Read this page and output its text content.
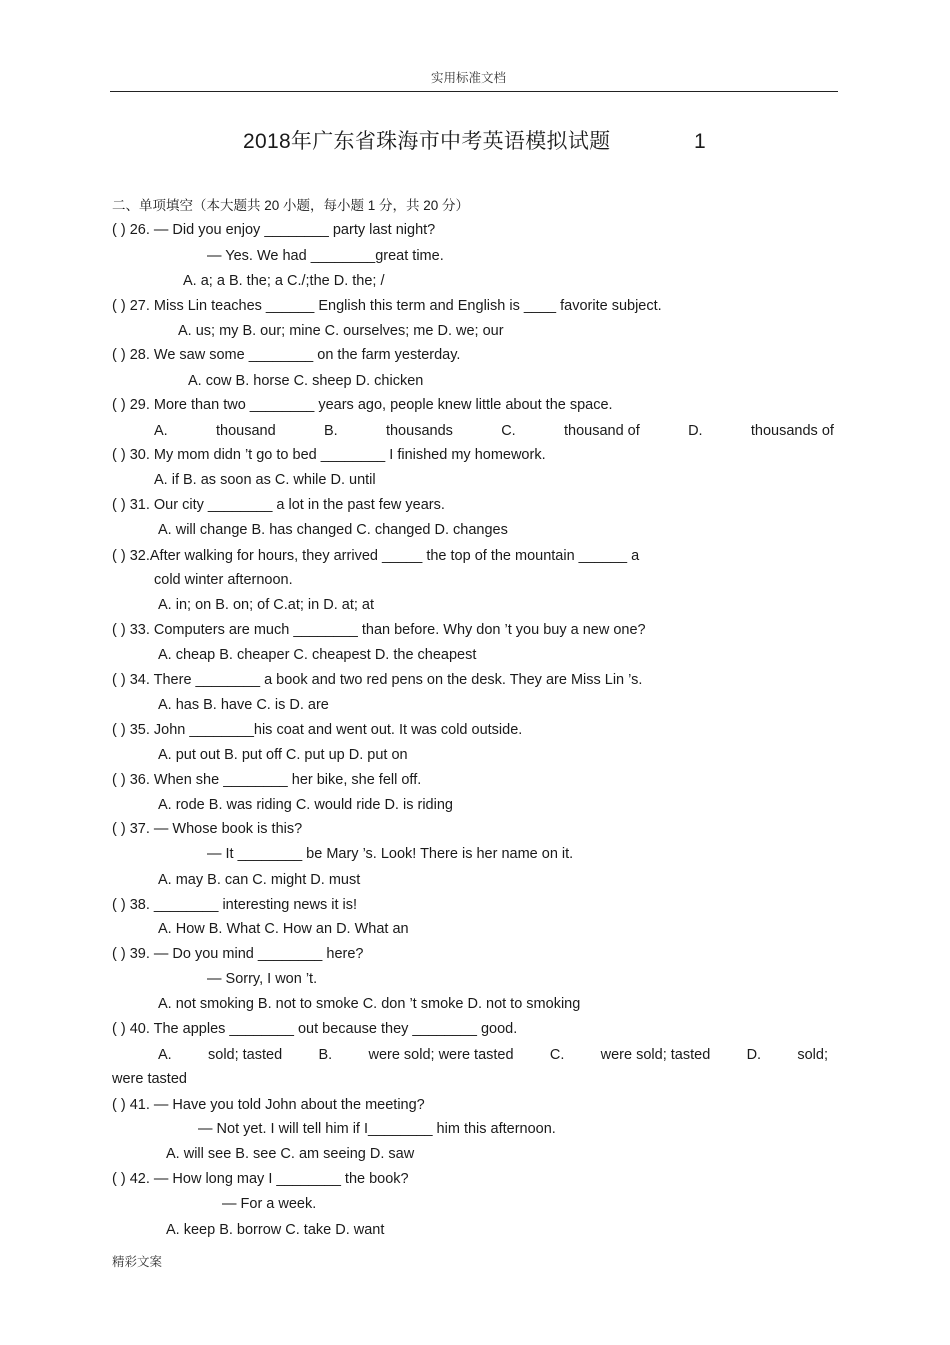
实用标准文档
2018年广东省珠海市中考英语模拟试题	1
二、单项填空（本大题共 20 小题，每小题 1 分，共 20 分）
( ) 26. — Did you enjoy ________ party last night?
— Yes. We had ________great time.
A. a; a B. the; a C./;the D. the; /
( ) 27. Miss Lin teaches ______ English this term and English is ____ favorite subject.
A. us; my B. our; mine C. ourselves; me D. we; our
( ) 28. We saw some ________ on the farm yesterday.
A. cow B. horse C. sheep D. chicken
( ) 29. More than two ________ years ago, people knew little about the space.
A.	thousand	B.	thousands	C.	thousand of	D.	thousands of
( ) 30. My mom didn ’t go to bed ________ I finished my homework.
A. if B. as soon as C. while D. until
( ) 31. Our city ________ a lot in the past few years.
A. will change B. has changed C. changed D. changes
( ) 32.After walking for hours, they arrived _____ the top of the mountain ______ a
cold winter afternoon.
A. in; on B. on; of C.at; in D. at; at
( ) 33. Computers are much ________ than before. Why don ’t you buy a new one?
A. cheap B. cheaper C. cheapest D. the cheapest
( ) 34. There ________ a book and two red pens on the desk. They are Miss Lin ’s.
A. has B. have C. is D. are
( ) 35. John ________his coat and went out. It was cold outside.
A. put out B. put off C. put up D. put on
( ) 36. When she ________ her bike, she fell off.
A. rode B. was riding C. would ride D. is riding
( ) 37. — Whose book is this?
— It ________ be Mary ’s. Look! There is her name on it.
A. may B. can C. might D. must
( ) 38. ________ interesting news it is!
A. How B. What C. How an D. What an
( ) 39. — Do you mind ________ here?
— Sorry, I won ’t.
A. not smoking B. not to smoke C. don ’t smoke D. not to smoking
( ) 40. The apples ________ out because they ________ good.
A.	sold; tasted	B.	were sold; were tasted	C.	were sold; tasted	D.	sold;
were tasted
( ) 41. — Have you told John about the meeting?
— Not yet. I will tell him if I________ him this afternoon.
A. will see B. see C. am seeing D. saw
( ) 42. — How long may I ________ the book?
— For a week.
A. keep B. borrow C. take D. want
精彩文案
